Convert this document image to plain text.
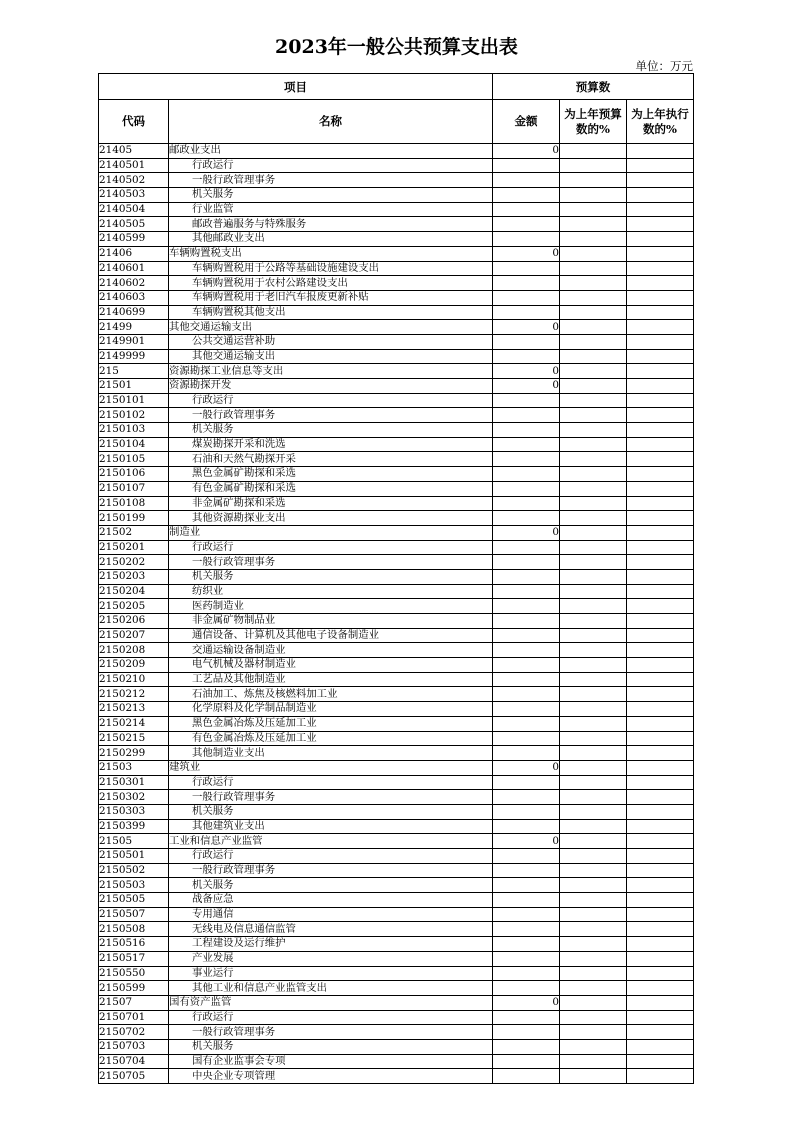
2023年一般公共预算支出表
单位：万元
项目		预算数		
代码	名称	金额	为上年预算数的%	为上年执行数的%

21405	邮政业支出	0		
2140501	行政运行			
2140502	一般行政管理事务			
2140503	机关服务			
2140504	行业监管			
2140505	邮政普遍服务与特殊服务			
2140599	其他邮政业支出			
21406	车辆购置税支出	0		
2140601	车辆购置税用于公路等基础设施建设支出			
2140602	车辆购置税用于农村公路建设支出			
2140603	车辆购置税用于老旧汽车报废更新补贴			
2140699	车辆购置税其他支出			
21499	其他交通运输支出	0		
2149901	公共交通运营补助			
2149999	其他交通运输支出			
215	资源勘探工业信息等支出	0		
21501	资源勘探开发	0		
2150101	行政运行			
2150102	一般行政管理事务			
2150103	机关服务			
2150104	煤炭勘探开采和洗选			
2150105	石油和天然气勘探开采			
2150106	黑色金属矿勘探和采选			
2150107	有色金属矿勘探和采选			
2150108	非金属矿勘探和采选			
2150199	其他资源勘探业支出			
21502	制造业	0		
2150201	行政运行			
2150202	一般行政管理事务			
2150203	机关服务			
2150204	纺织业			
2150205	医药制造业			
2150206	非金属矿物制品业			
2150207	通信设备、计算机及其他电子设备制造业			
2150208	交通运输设备制造业			
2150209	电气机械及器材制造业			
2150210	工艺品及其他制造业			
2150212	石油加工、炼焦及核燃料加工业			
2150213	化学原料及化学制品制造业			
2150214	黑色金属冶炼及压延加工业			
2150215	有色金属冶炼及压延加工业			
2150299	其他制造业支出			
21503	建筑业	0		
2150301	行政运行			
2150302	一般行政管理事务			
2150303	机关服务			
2150399	其他建筑业支出			
21505	工业和信息产业监管	0		
2150501	行政运行			
2150502	一般行政管理事务			
2150503	机关服务			
2150505	战备应急			
2150507	专用通信			
2150508	无线电及信息通信监管			
2150516	工程建设及运行维护			
2150517	产业发展			
2150550	事业运行			
2150599	其他工业和信息产业监管支出			
21507	国有资产监管	0		
2150701	行政运行			
2150702	一般行政管理事务			
2150703	机关服务			
2150704	国有企业监事会专项			
2150705	中央企业专项管理			
